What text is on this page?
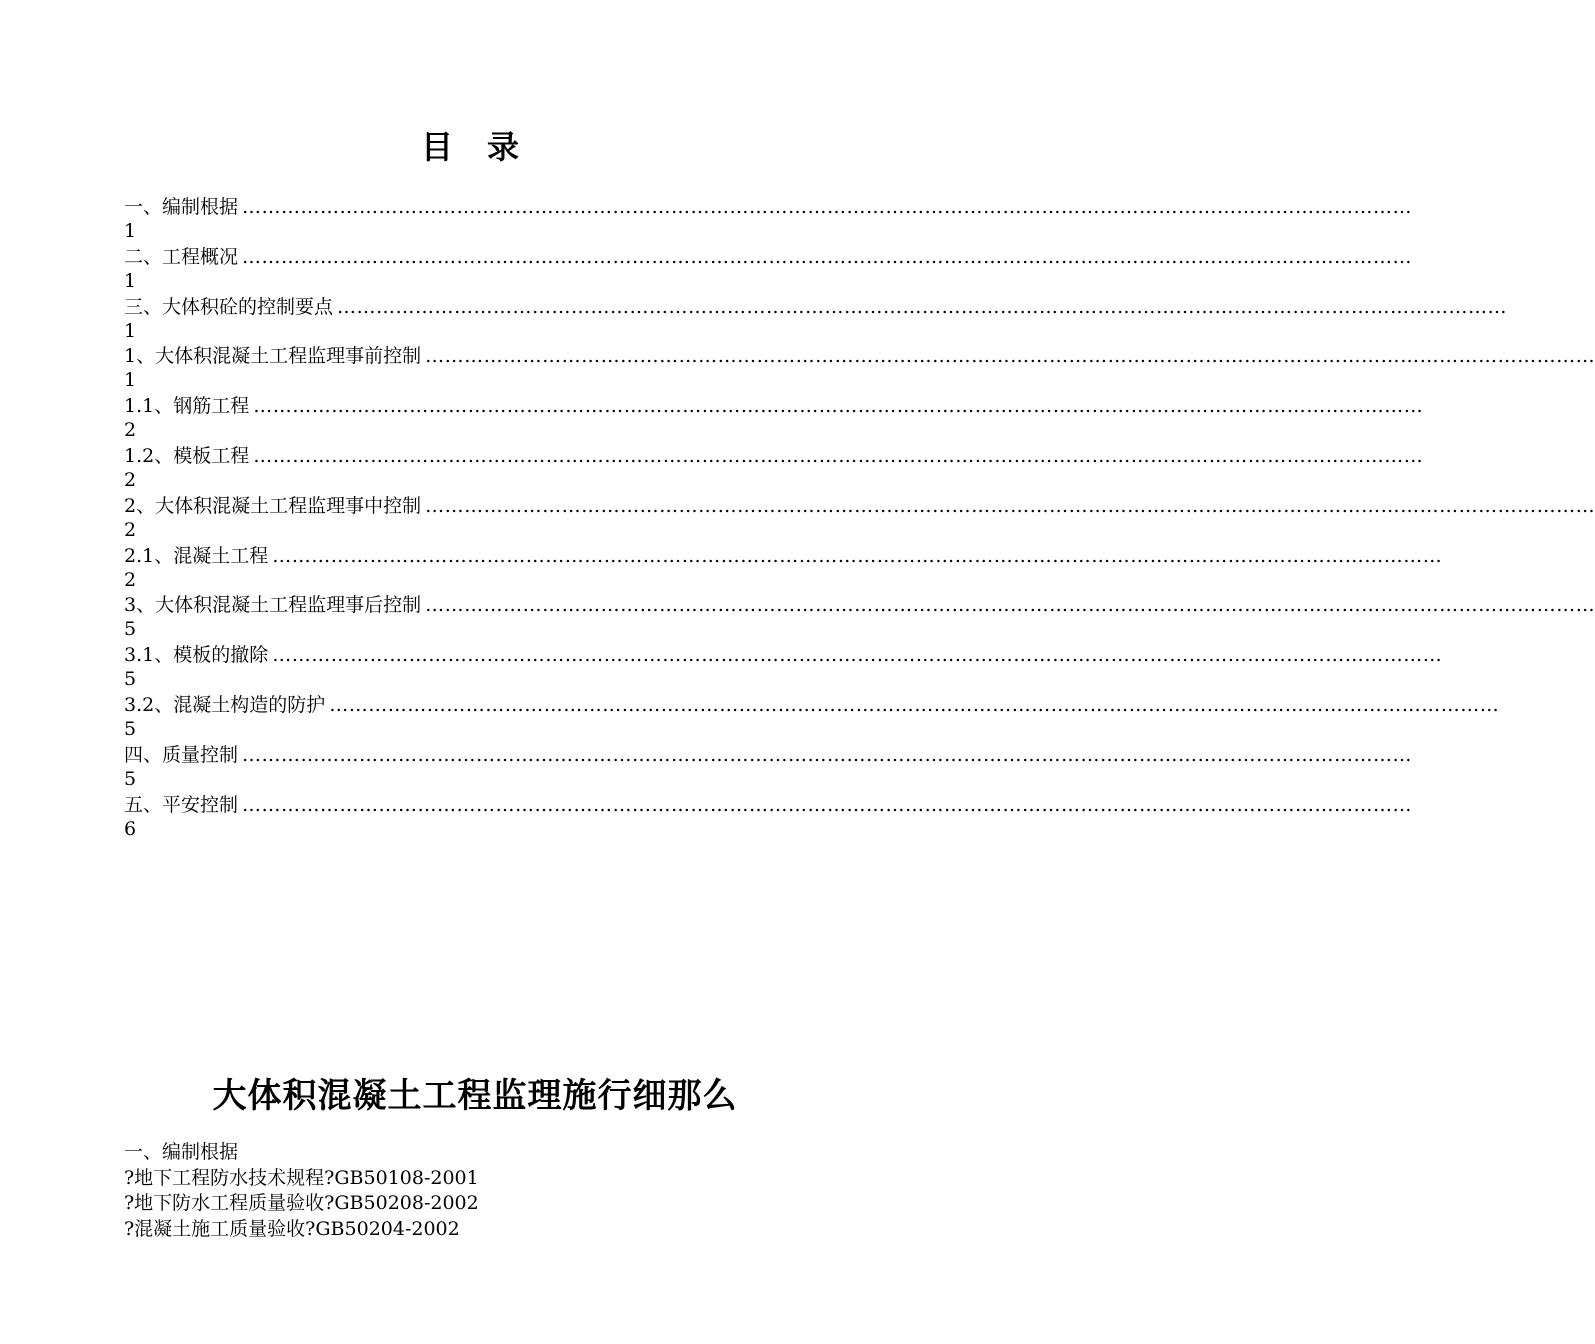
目录
一、编制根据 ………………………………………………………………………………………………………………………………………………………………
1
二、工程概况 ………………………………………………………………………………………………………………………………………………………………
1
三、大体积砼的控制要点 ………………………………………………………………………………………………………………………………………………………………
1
1、大体积混凝土工程监理事前控制 ………………………………………………………………………………………………………………………………………………………………
1
1.1、钢筋工程 ………………………………………………………………………………………………………………………………………………………………
2
1.2、模板工程 ………………………………………………………………………………………………………………………………………………………………
2
2、大体积混凝土工程监理事中控制 ………………………………………………………………………………………………………………………………………………………………
2
2.1、混凝土工程 ………………………………………………………………………………………………………………………………………………………………
2
3、大体积混凝土工程监理事后控制 ………………………………………………………………………………………………………………………………………………………………
5
3.1、模板的撤除 ………………………………………………………………………………………………………………………………………………………………
5
3.2、混凝土构造的防护 ………………………………………………………………………………………………………………………………………………………………
5
四、质量控制 ………………………………………………………………………………………………………………………………………………………………
5
五、平安控制 ………………………………………………………………………………………………………………………………………………………………
6
大体积混凝土工程监理施行细那么
一、编制根据
?地下工程防水技术规程?GB50108-2001
?地下防水工程质量验收?GB50208-2002
?混凝土施工质量验收?GB50204-2002
